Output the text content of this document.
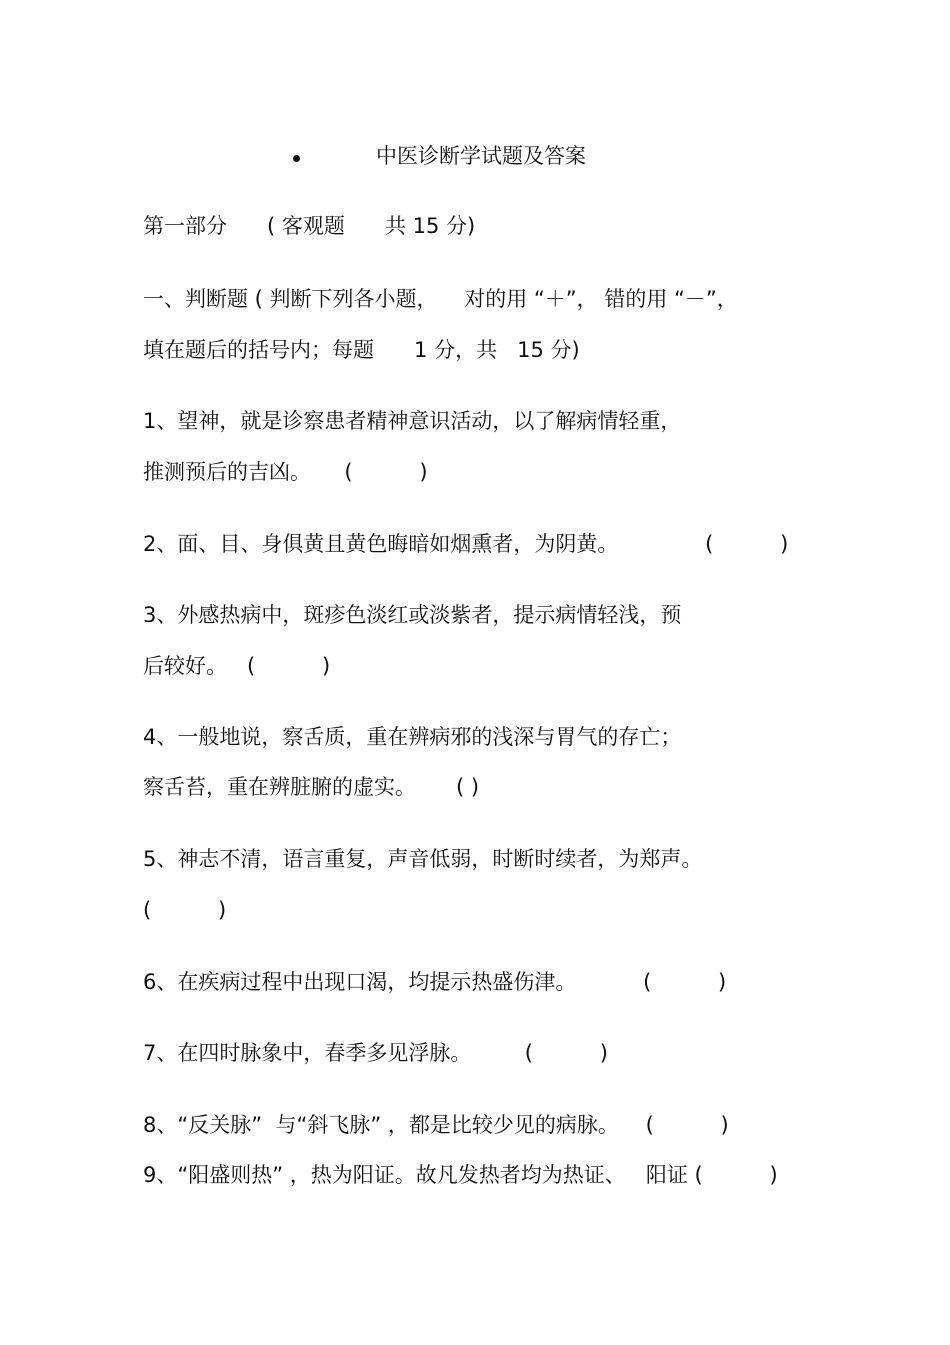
中医诊断学试题及答案
第一部分      ( 客观题      共 15 分)
一、判断题 ( 判断下列各小题，    对的用 “＋”， 错的用 “－”，
填在题后的括号内；每题      1 分，共   15 分)
1、望神，就是诊察患者精神意识活动，以了解病情轻重，
推测预后的吉凶。     (          )
2、面、目、身俱黄且黄色晦暗如烟熏者，为阴黄。             (          )
3、外感热病中，斑疹色淡红或淡紫者，提示病情轻浅，预
后较好。   (          )
4、一般地说，察舌质，重在辨病邪的浅深与胃气的存亡；
察舌苔，重在辨脏腑的虚实。      ( )
5、神志不清，语言重复，声音低弱，时断时续者，为郑声。
(          )
6、在疾病过程中出现口渴，均提示热盛伤津。          (          )
7、在四时脉象中，春季多见浮脉。        (          )
8、“反关脉”  与“斜飞脉” ，都是比较少见的病脉。    (          )
9、“阳盛则热” ，热为阳证。故凡发热者均为热证、   阳证 (          )
